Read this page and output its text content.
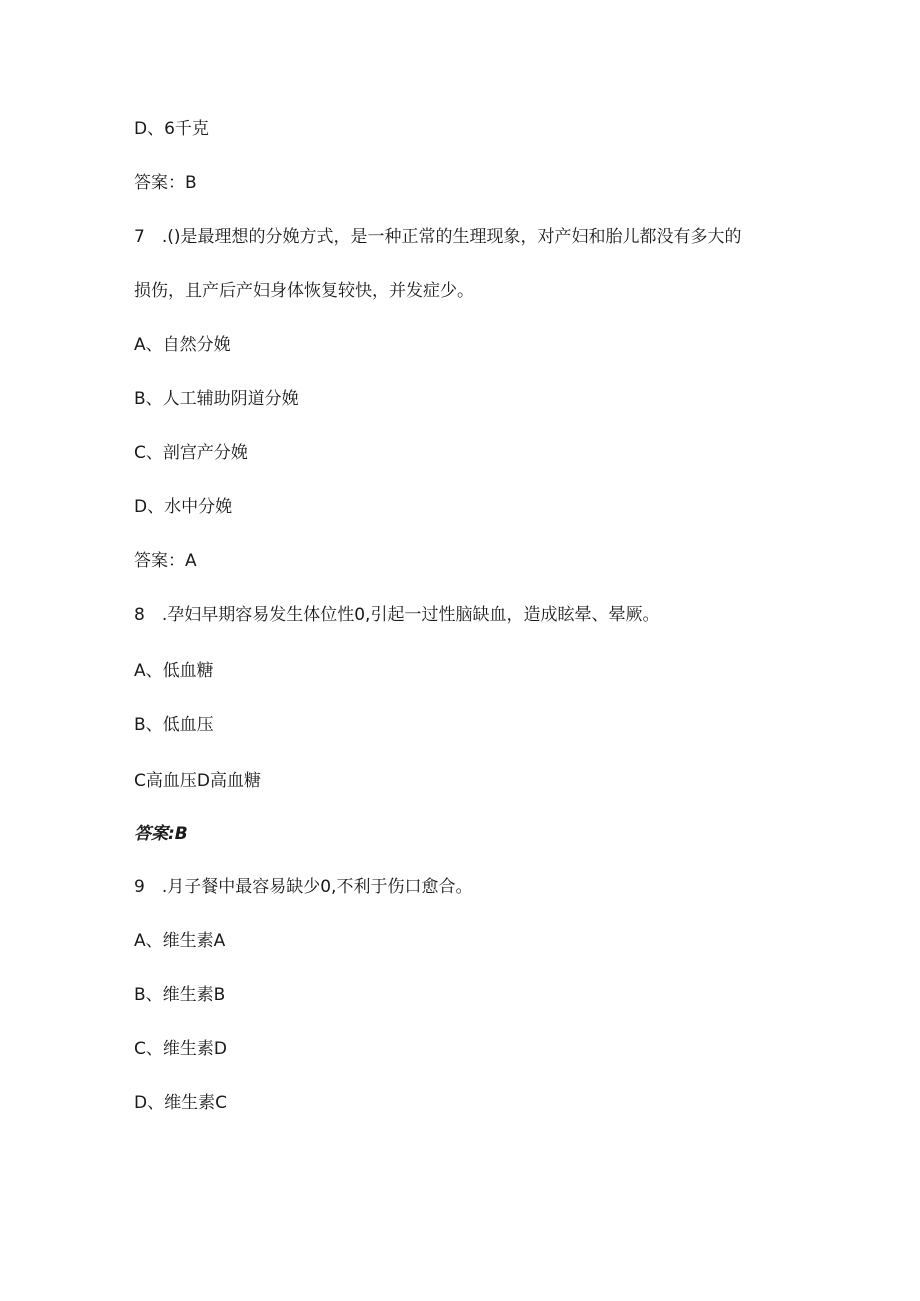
D、6千克
答案：B
7　.()是最理想的分娩方式，是一种正常的生理现象，对产妇和胎儿都没有多大的
损伤，且产后产妇身体恢复较快，并发症少。
A、自然分娩
B、人工辅助阴道分娩
C、剖宫产分娩
D、水中分娩
答案：A
8　.孕妇早期容易发生体位性0,引起一过性脑缺血，造成眩晕、晕厥。
A、低血糖
B、低血压
C高血压D高血糖
答案:B
9　.月子餐中最容易缺少0,不利于伤口愈合。
A、维生素A
B、维生素B
C、维生素D
D、维生素C
